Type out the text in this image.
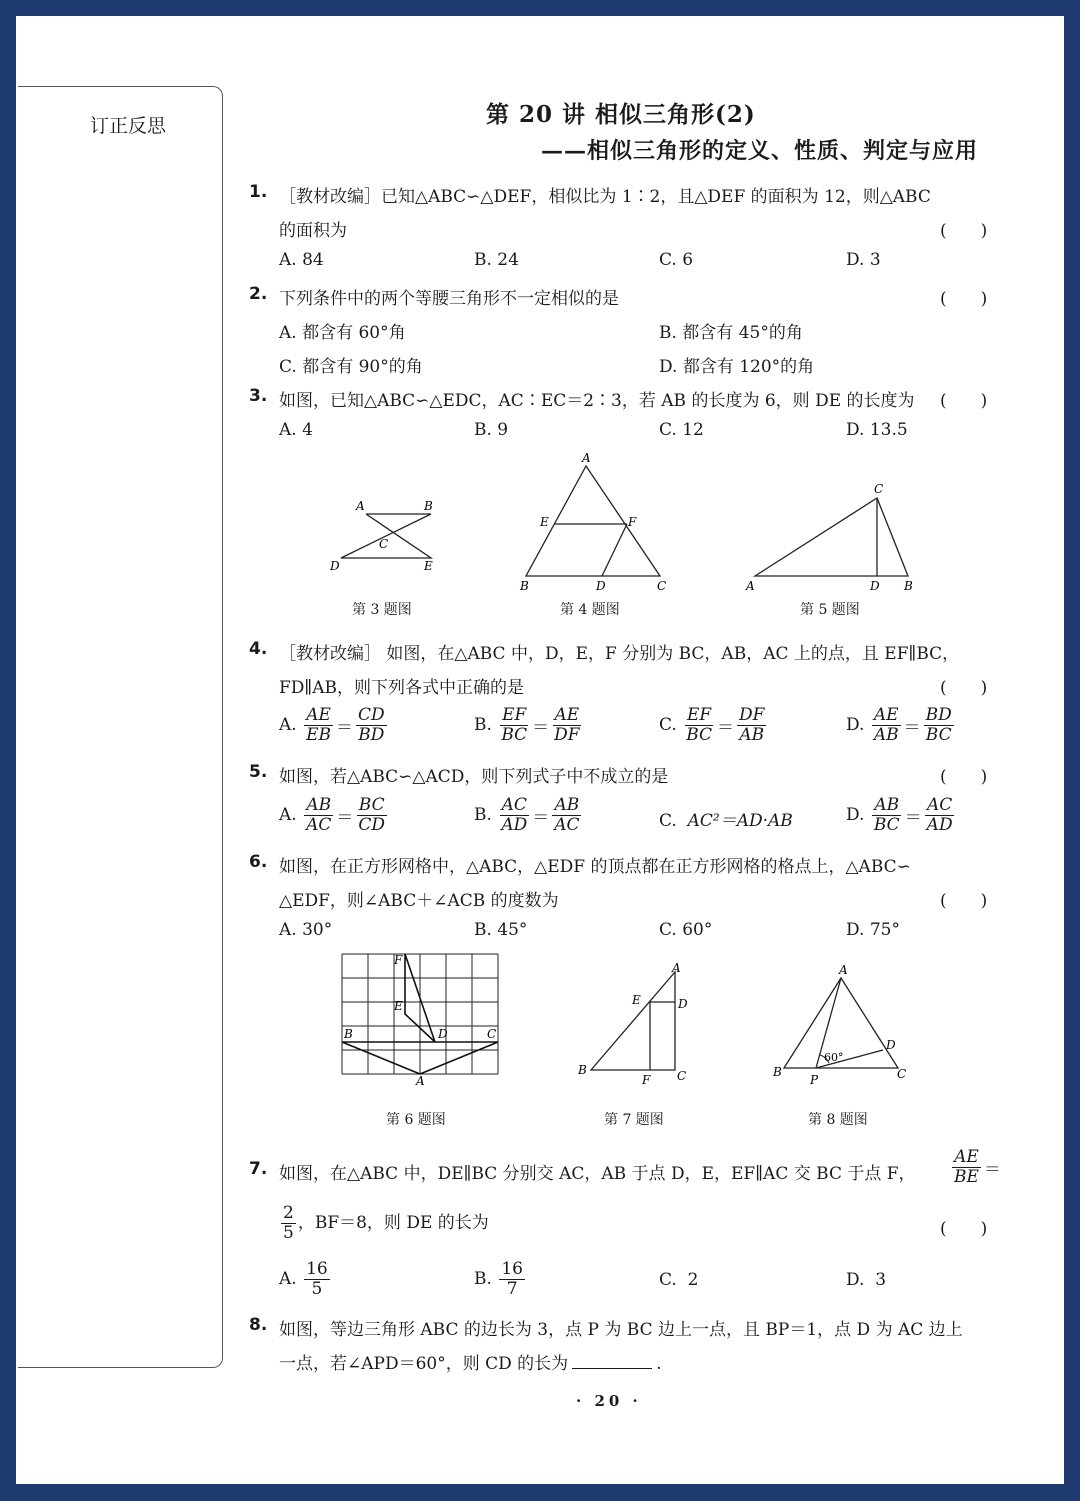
订正反思	第 20 讲 相似三角形(2)
——相似三角形的定义、性质、判定与应用
1. ［教材改编］已知△ABC∽△DEF，相似比为 1∶2，且△DEF 的面积为 12，则△ABC
的面积为	(　　)
A. 84	B. 24	C. 6	D. 3
2. 下列条件中的两个等腰三角形不一定相似的是	(　　)
A. 都含有 60°角	B. 都含有 45°的角
C. 都含有 90°的角	D. 都含有 120°的角
3. 如图，已知△ABC∽△EDC，AC∶EC＝2∶3，若 AB 的长度为 6，则 DE 的长度为 (　　)
A. 4	B. 9	C. 12	D. 13.5
A	B
C
D	E
第 3 题图
A
E	F
B	D	C
第 4 题图
C
A	D B
第 5 题图
4. ［教材改编］ 如图，在△ABC 中，D，E，F 分别为 BC，AB，AC 上的点，且 EF∥BC，
FD∥AB，则下列各式中正确的是	(　　)
A. $\frac{AE}{EB} = \frac{CD}{BD}$	B. $\frac{EF}{BC} = \frac{AE}{DF}$	C. $\frac{EF}{BC} = \frac{DF}{AB}$	D. $\frac{AE}{AB} = \frac{BD}{BC}$
5. 如图，若△ABC∽△ACD，则下列式子中不成立的是	(　　)
A. $\frac{AB}{AC} = \frac{BC}{CD}$	B. $\frac{AC}{AD} = \frac{AB}{AC}$	C. AC²＝AD·AB	D. $\frac{AB}{BC} = \frac{AC}{AD}$
6. 如图，在正方形网格中，△ABC，△EDF 的顶点都在正方形网格的格点上，△ABC∽
△EDF，则∠ABC＋∠ACB 的度数为	(　　)
A. 30°	B. 45°	C. 60°	D. 75°
F
E
B	D	C
A
第 6 题图
A
E	D
B
F C
第 7 题图
A
60°
D
B
P	C
第 8 题图
7. 如图，在△ABC 中，DE∥BC 分别交 AC，AB 于点 D，E，EF∥AC 交 BC 于点 F， $\frac{AE}{BE}$ ＝
$\frac{2}{5}$ ，BF＝8，则 DE 的长为	(　　)
A. $\frac{16}{5}$	B. $\frac{16}{7}$	C. 2	D. 3
8. 如图，等边三角形 ABC 的边长为 3，点 P 为 BC 边上一点，且 BP＝1，点 D 为 AC 边上
一点，若∠APD＝60°，则 CD 的长为	.
· 20 ·
